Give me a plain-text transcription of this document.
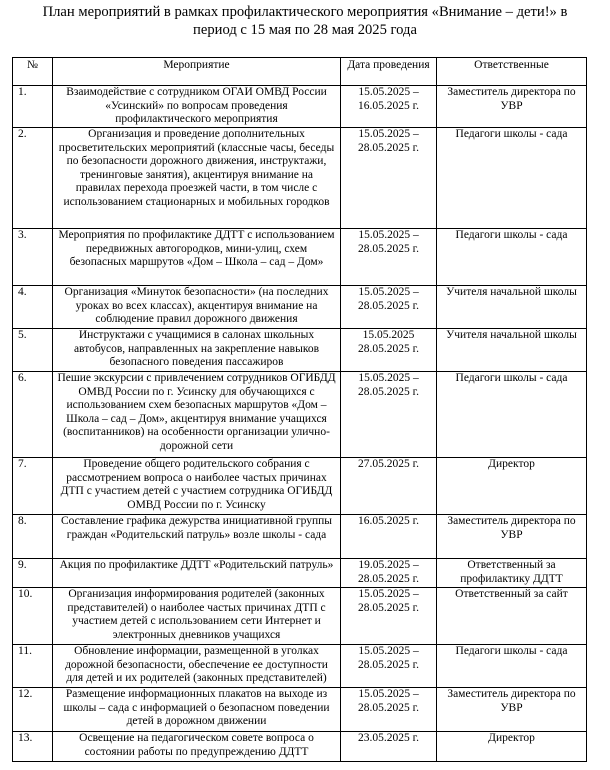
План мероприятий в рамках профилактического мероприятия «Внимание – дети!» в
период с 15 мая по 28 мая 2025 года
№	Мероприятие	Дата проведения	Ответственные
1.	Взаимодействие с сотрудником ОГАИ ОМВД России «Усинский» по вопросам проведения профилактического мероприятия	15.05.2025 – 16.05.2025 г.	Заместитель директора по УВР
2.	Организация и проведение дополнительных просветительских мероприятий (классные часы, беседы по безопасности дорожного движения, инструктажи, тренинговые занятия), акцентируя внимание на правилах перехода проезжей части, в том числе с использованием стационарных и мобильных городков	15.05.2025 – 28.05.2025 г.	Педагоги школы - сада
3.	Мероприятия по профилактике ДДТТ с использованием передвижных автогородков, мини-улиц, схем безопасных маршрутов «Дом – Школа – сад – Дом»	15.05.2025 – 28.05.2025 г.	Педагоги школы - сада
4.	Организация «Минуток безопасности» (на последних уроках во всех классах), акцентируя внимание на соблюдение правил дорожного движения	15.05.2025 – 28.05.2025 г.	Учителя начальной школы
5.	Инструктажи с учащимися в салонах школьных автобусов, направленных на закрепление навыков безопасного поведения пассажиров	15.05.2025 28.05.2025 г.	Учителя начальной школы
6.	Пешие экскурсии с привлечением сотрудников ОГИБДД ОМВД России по г. Усинску для обучающихся с использованием схем безопасных маршрутов «Дом – Школа – сад – Дом», акцентируя внимание учащихся (воспитанников) на особенности организации улично-дорожной сети	15.05.2025 – 28.05.2025 г.	Педагоги школы - сада
7.	Проведение общего родительского собрания с рассмотрением вопроса о наиболее частых причинах ДТП с участием детей с участием сотрудника ОГИБДД ОМВД России по г. Усинску	27.05.2025 г.	Директор
8.	Составление графика дежурства инициативной группы граждан «Родительский патруль» возле школы - сада	16.05.2025 г.	Заместитель директора по УВР
9.	Акция по профилактике ДДТТ «Родительский патруль»	19.05.2025 – 28.05.2025 г.	Ответственный за профилактику ДДТТ
10.	Организация информирования родителей (законных представителей) о наиболее частых причинах ДТП с участием детей с использованием сети Интернет и электронных дневников учащихся	15.05.2025 – 28.05.2025 г.	Ответственный за сайт
11.	Обновление информации, размещенной в уголках дорожной безопасности, обеспечение ее доступности для детей и их родителей (законных представителей)	15.05.2025 – 28.05.2025 г.	Педагоги школы - сада
12.	Размещение информационных плакатов на выходе из школы – сада с информацией о безопасном поведении детей в дорожном движении	15.05.2025 – 28.05.2025 г.	Заместитель директора по УВР
13.	Освещение на педагогическом совете вопроса о состоянии работы по предупреждению ДДТТ	23.05.2025 г.	Директор
